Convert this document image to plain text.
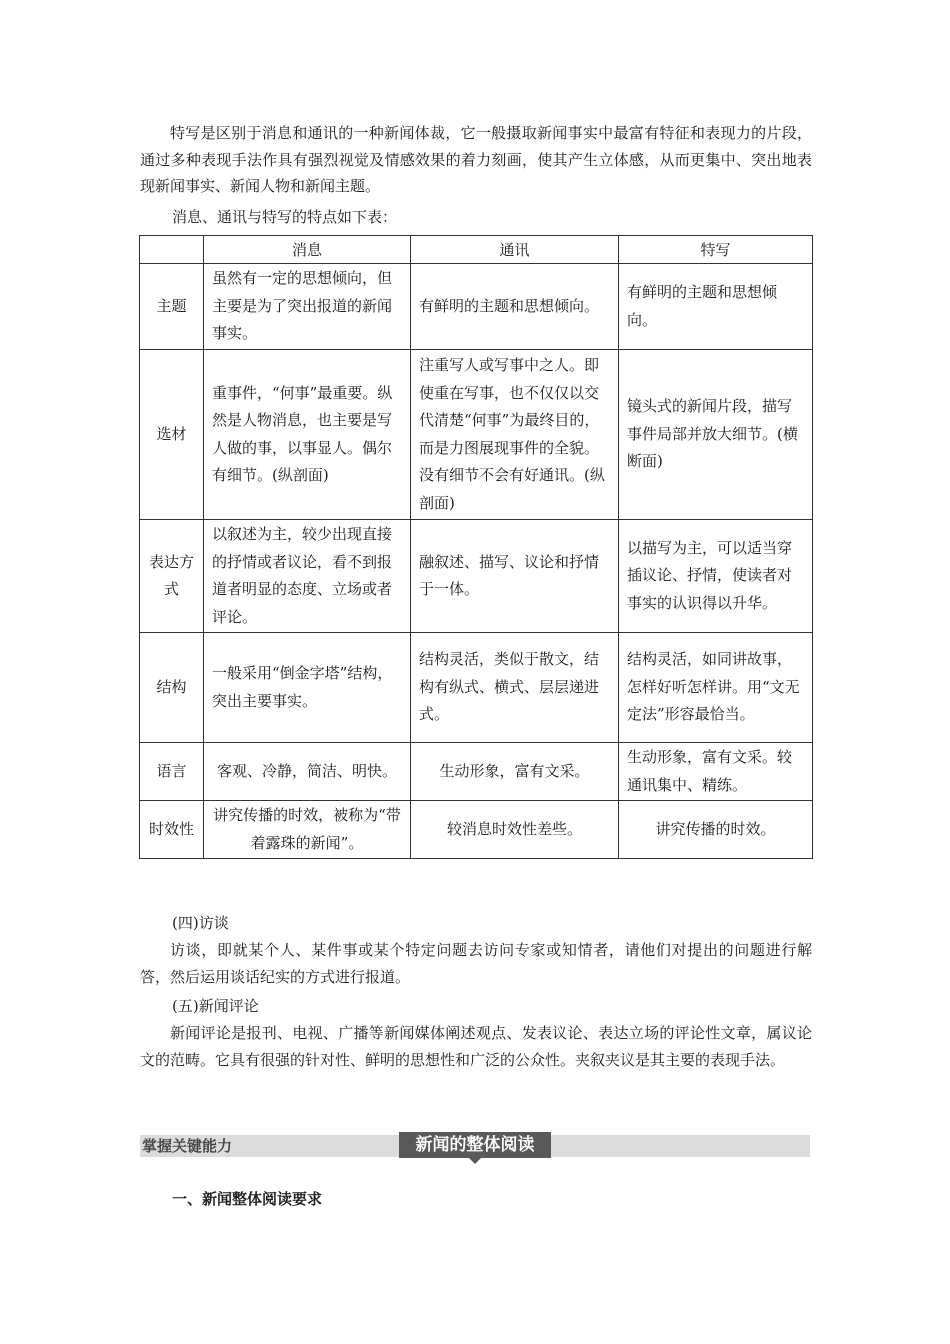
特写是区别于消息和通讯的一种新闻体裁，它一般摄取新闻事实中最富有特征和表现力的片段，通过多种表现手法作具有强烈视觉及情感效果的着力刻画，使其产生立体感，从而更集中、突出地表现新闻事实、新闻人物和新闻主题。

消息、通讯与特写的特点如下表：

	消息	通讯	特写
主题	虽然有一定的思想倾向，但主要是为了突出报道的新闻事实。	有鲜明的主题和思想倾向。	有鲜明的主题和思想倾向。
选材	重事件，“何事”最重要。纵然是人物消息，也主要是写人做的事，以事显人。偶尔有细节。(纵剖面)	注重写人或写事中之人。即使重在写事，也不仅仅以交代清楚“何事”为最终目的，而是力图展现事件的全貌。没有细节不会有好通讯。(纵剖面)	镜头式的新闻片段，描写事件局部并放大细节。(横断面)
表达方式	以叙述为主，较少出现直接的抒情或者议论，看不到报道者明显的态度、立场或者评论。	融叙述、描写、议论和抒情于一体。	以描写为主，可以适当穿插议论、抒情，使读者对事实的认识得以升华。
结构	一般采用“倒金字塔”结构，突出主要事实。	结构灵活，类似于散文，结构有纵式、横式、层层递进式。	结构灵活，如同讲故事，怎样好听怎样讲。用“文无定法”形容最恰当。
语言	客观、冷静，简洁、明快。	生动形象，富有文采。	生动形象，富有文采。较通讯集中、精练。
时效性	讲究传播的时效，被称为“带着露珠的新闻”。	较消息时效性差些。	讲究传播的时效。

(四)访谈

访谈，即就某个人、某件事或某个特定问题去访问专家或知情者，请他们对提出的问题进行解答，然后运用谈话纪实的方式进行报道。

(五)新闻评论

新闻评论是报刊、电视、广播等新闻媒体阐述观点、发表议论、表达立场的评论性文章，属议论文的范畴。它具有很强的针对性、鲜明的思想性和广泛的公众性。夹叙夹议是其主要的表现手法。

掌握关键能力	新闻的整体阅读

一、新闻整体阅读要求
